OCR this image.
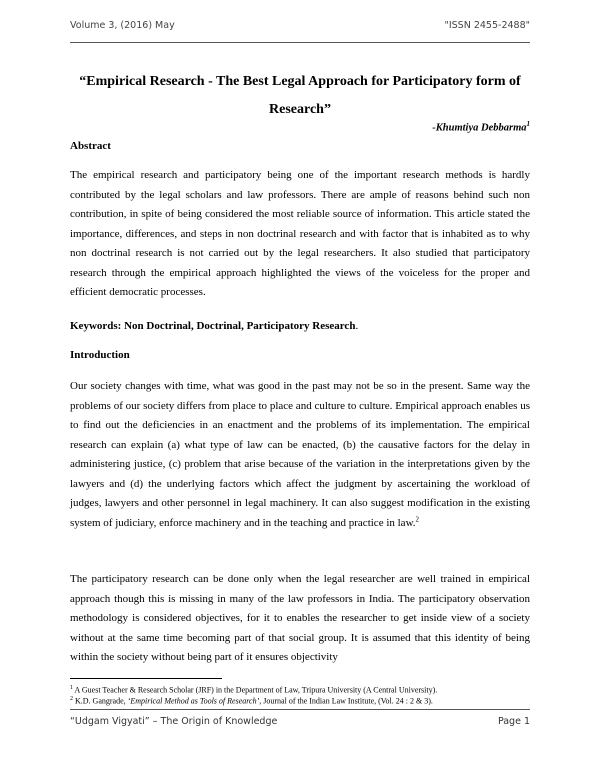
Volume 3, (2016) May	"ISSN 2455-2488"
“Empirical Research - The Best Legal Approach for Participatory form of
Research”
-Khumtiya Debbarma$^1$
Abstract

The empirical research and participatory being one of the important research methods is hardly contributed by the legal scholars and law professors. There are ample of reasons behind such non contribution, in spite of being considered the most reliable source of information. This article stated the importance, differences, and steps in non doctrinal research and with factor that is inhabited as to why non doctrinal research is not carried out by the legal researchers. It also studied that participatory research through the empirical approach highlighted the views of the voiceless for the proper and efficient democratic processes.

Keywords: Non Doctrinal, Doctrinal, Participatory Research.
Introduction

Our society changes with time, what was good in the past may not be so in the present. Same way the problems of our society differs from place to place and culture to culture. Empirical approach enables us to find out the deficiencies in an enactment and the problems of its implementation. The empirical research can explain (a) what type of law can be enacted, (b) the causative factors for the delay in administering justice, (c) problem that arise because of the variation in the interpretations given by the lawyers and (d) the underlying factors which affect the judgment by ascertaining the workload of judges, lawyers and other personnel in legal machinery. It can also suggest modification in the existing system of judiciary, enforce machinery and in the teaching and practice in law.$^2$

The participatory research can be done only when the legal researcher are well trained in empirical approach though this is missing in many of the law professors in India. The participatory observation methodology is considered objectives, for it to enables the researcher to get inside view of a society without at the same time becoming part of that social group. It is assumed that this identity of being within the society without being part of it ensures objectivity

$^1$ A Guest Teacher & Research Scholar (JRF) in the Department of Law, Tripura University (A Central University).
$^2$ K.D. Gangrade, ‘Empirical Method as Tools of Research’, Journal of the Indian Law Institute, (Vol. 24 : 2 & 3).
“Udgam Vigyati” – The Origin of Knowledge	Page 1
